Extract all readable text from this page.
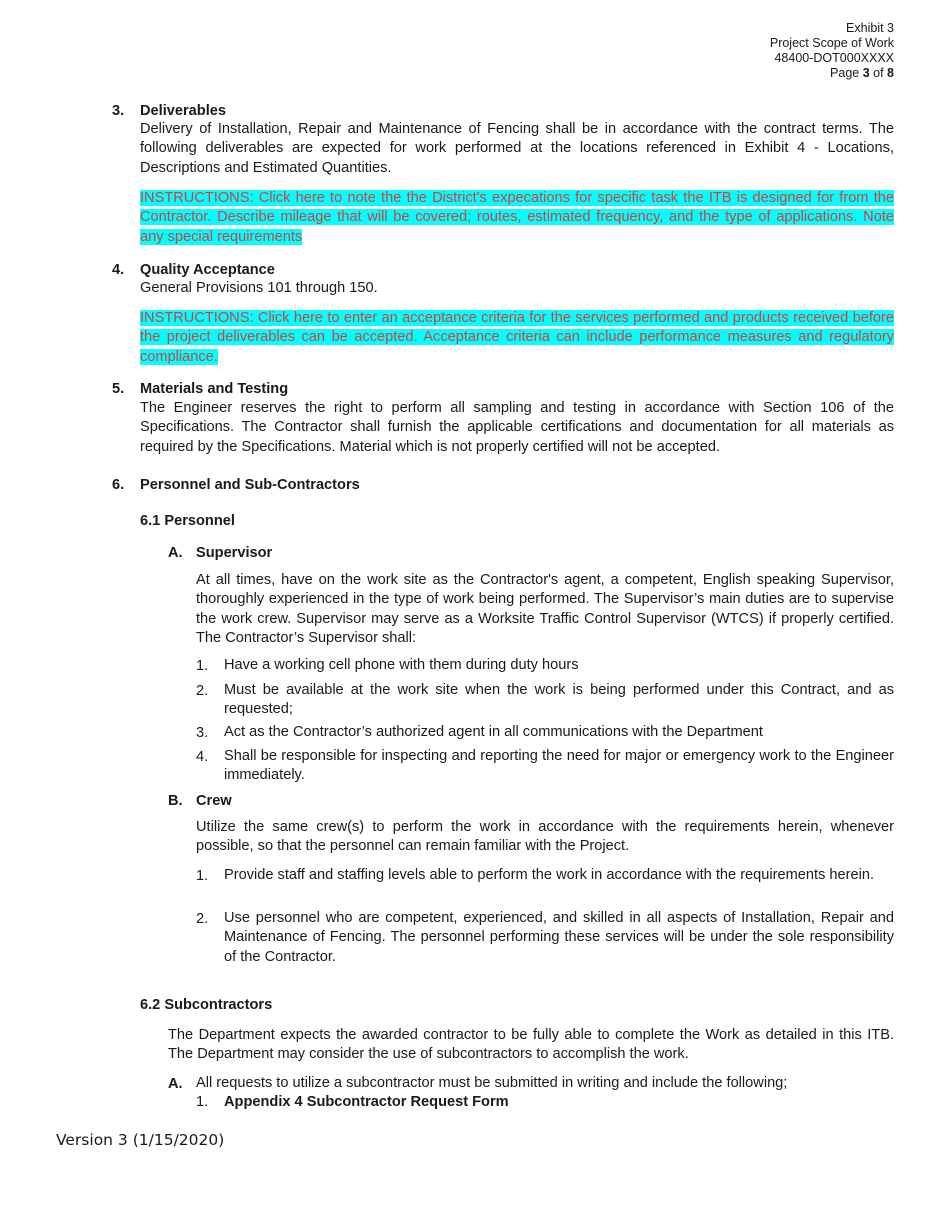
Exhibit 3
Project Scope of Work
48400-DOT000XXXX
Page 3 of 8
3. Deliverables
Delivery of Installation, Repair and Maintenance of Fencing shall be in accordance with the contract terms. The following deliverables are expected for work performed at the locations referenced in Exhibit 4 - Locations, Descriptions and Estimated Quantities.
INSTRUCTIONS: Click here to note the the District's expecations for specific task the ITB is designed for from the Contractor. Describe mileage that will be covered; routes, estimated frequency, and the type of applications. Note any special requirements
4. Quality Acceptance
General Provisions 101 through 150.
INSTRUCTIONS: Click here to enter an acceptance criteria for the services performed and products received before the project deliverables can be accepted. Acceptance criteria can include performance measures and regulatory compliance.
5. Materials and Testing
The Engineer reserves the right to perform all sampling and testing in accordance with Section 106 of the Specifications. The Contractor shall furnish the applicable certifications and documentation for all materials as required by the Specifications. Material which is not properly certified will not be accepted.
6. Personnel and Sub-Contractors
6.1 Personnel
A. Supervisor
At all times, have on the work site as the Contractor's agent, a competent, English speaking Supervisor, thoroughly experienced in the type of work being performed. The Supervisor’s main duties are to supervise the work crew. Supervisor may serve as a Worksite Traffic Control Supervisor (WTCS) if properly certified. The Contractor’s Supervisor shall:
1. Have a working cell phone with them during duty hours
2. Must be available at the work site when the work is being performed under this Contract, and as requested;
3. Act as the Contractor’s authorized agent in all communications with the Department
4. Shall be responsible for inspecting and reporting the need for major or emergency work to the Engineer immediately.
B. Crew
Utilize the same crew(s) to perform the work in accordance with the requirements herein, whenever possible, so that the personnel can remain familiar with the Project.
1. Provide staff and staffing levels able to perform the work in accordance with the requirements herein.
2. Use personnel who are competent, experienced, and skilled in all aspects of Installation, Repair and Maintenance of Fencing. The personnel performing these services will be under the sole responsibility of the Contractor.
6.2 Subcontractors
The Department expects the awarded contractor to be fully able to complete the Work as detailed in this ITB. The Department may consider the use of subcontractors to accomplish the work.
A. All requests to utilize a subcontractor must be submitted in writing and include the following;
1. Appendix 4 Subcontractor Request Form
Version 3 (1/15/2020)
